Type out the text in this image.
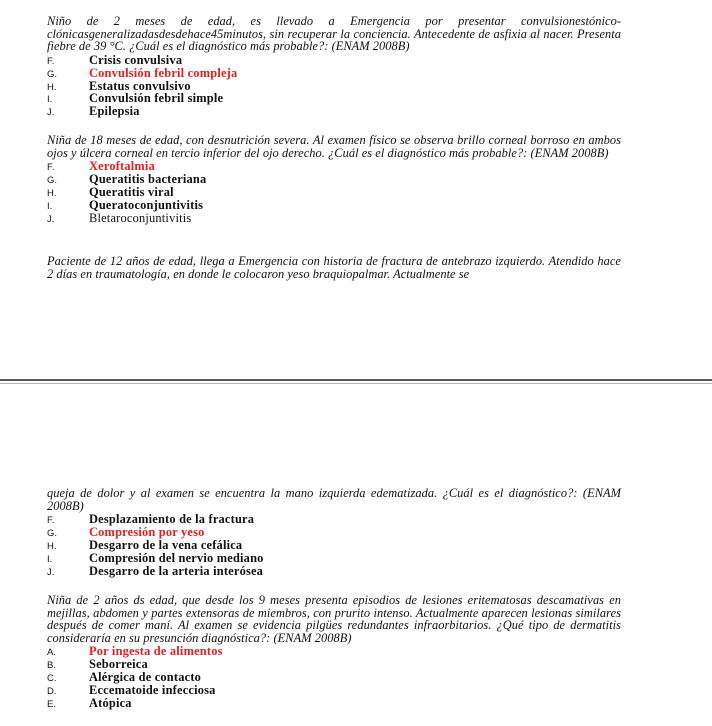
Niño de 2 meses de edad, es llevado a Emergencia por presentar convulsionestónico-clónicasgeneralizadasdesdehace45minutos, sin recuperar la conciencia. Antecedente de asfixia al nacer. Presenta fiebre de 39 °C. ¿Cuál es el diagnóstico más probable?: (ENAM 2008B)

F.	Crisis convulsiva
G.	Convulsión febril compleja
H.	Estatus convulsivo
I.	Convulsión febril simple
J.	Epilepsia

Niña de 18 meses de edad, con desnutrición severa. Al examen físico se observa brillo corneal borroso en ambos ojos y úlcera corneal en tercio inferior del ojo derecho. ¿Cuál es el diagnóstico más probable?: (ENAM 2008B)

F.	Xeroftalmia
G.	Queratitis bacteriana
H.	Queratitis viral
I.	Queratoconjuntivitis
J.	Bletaroconjuntivitis

Paciente de 12 años de edad, llega a Emergencia con historia de fractura de antebrazo izquierdo. Atendido hace 2 días en traumatología, en donde le colocaron yeso braquiopalmar. Actualmente se

queja de dolor y al examen se encuentra la mano izquierda edematizada. ¿Cuál es el diagnóstico?: (ENAM 2008B)

F.	Desplazamiento de la fractura
G.	Compresión por yeso
H.	Desgarro de la vena cefálica
I.	Compresión del nervio mediano
J.	Desgarro de la arteria interósea

Niña de 2 años ds edad, que desde los 9 meses presenta episodios de lesiones eritematosas descamativas en mejillas, abdomen y partes extensoras de miembros, con prurito intenso. Actualmente aparecen lesionas similares después de comer maní. Al examen se evidencia pilgües redundantes infraorbitarios. ¿Qué tipo de dermatitis consideraría en su presunción diagnóstica?: (ENAM 2008B)

A.	Por ingesta de alimentos
B.	Seborreica
C.	Alérgica de contacto
D.	Eccematoide infecciosa
E.	Atópica
